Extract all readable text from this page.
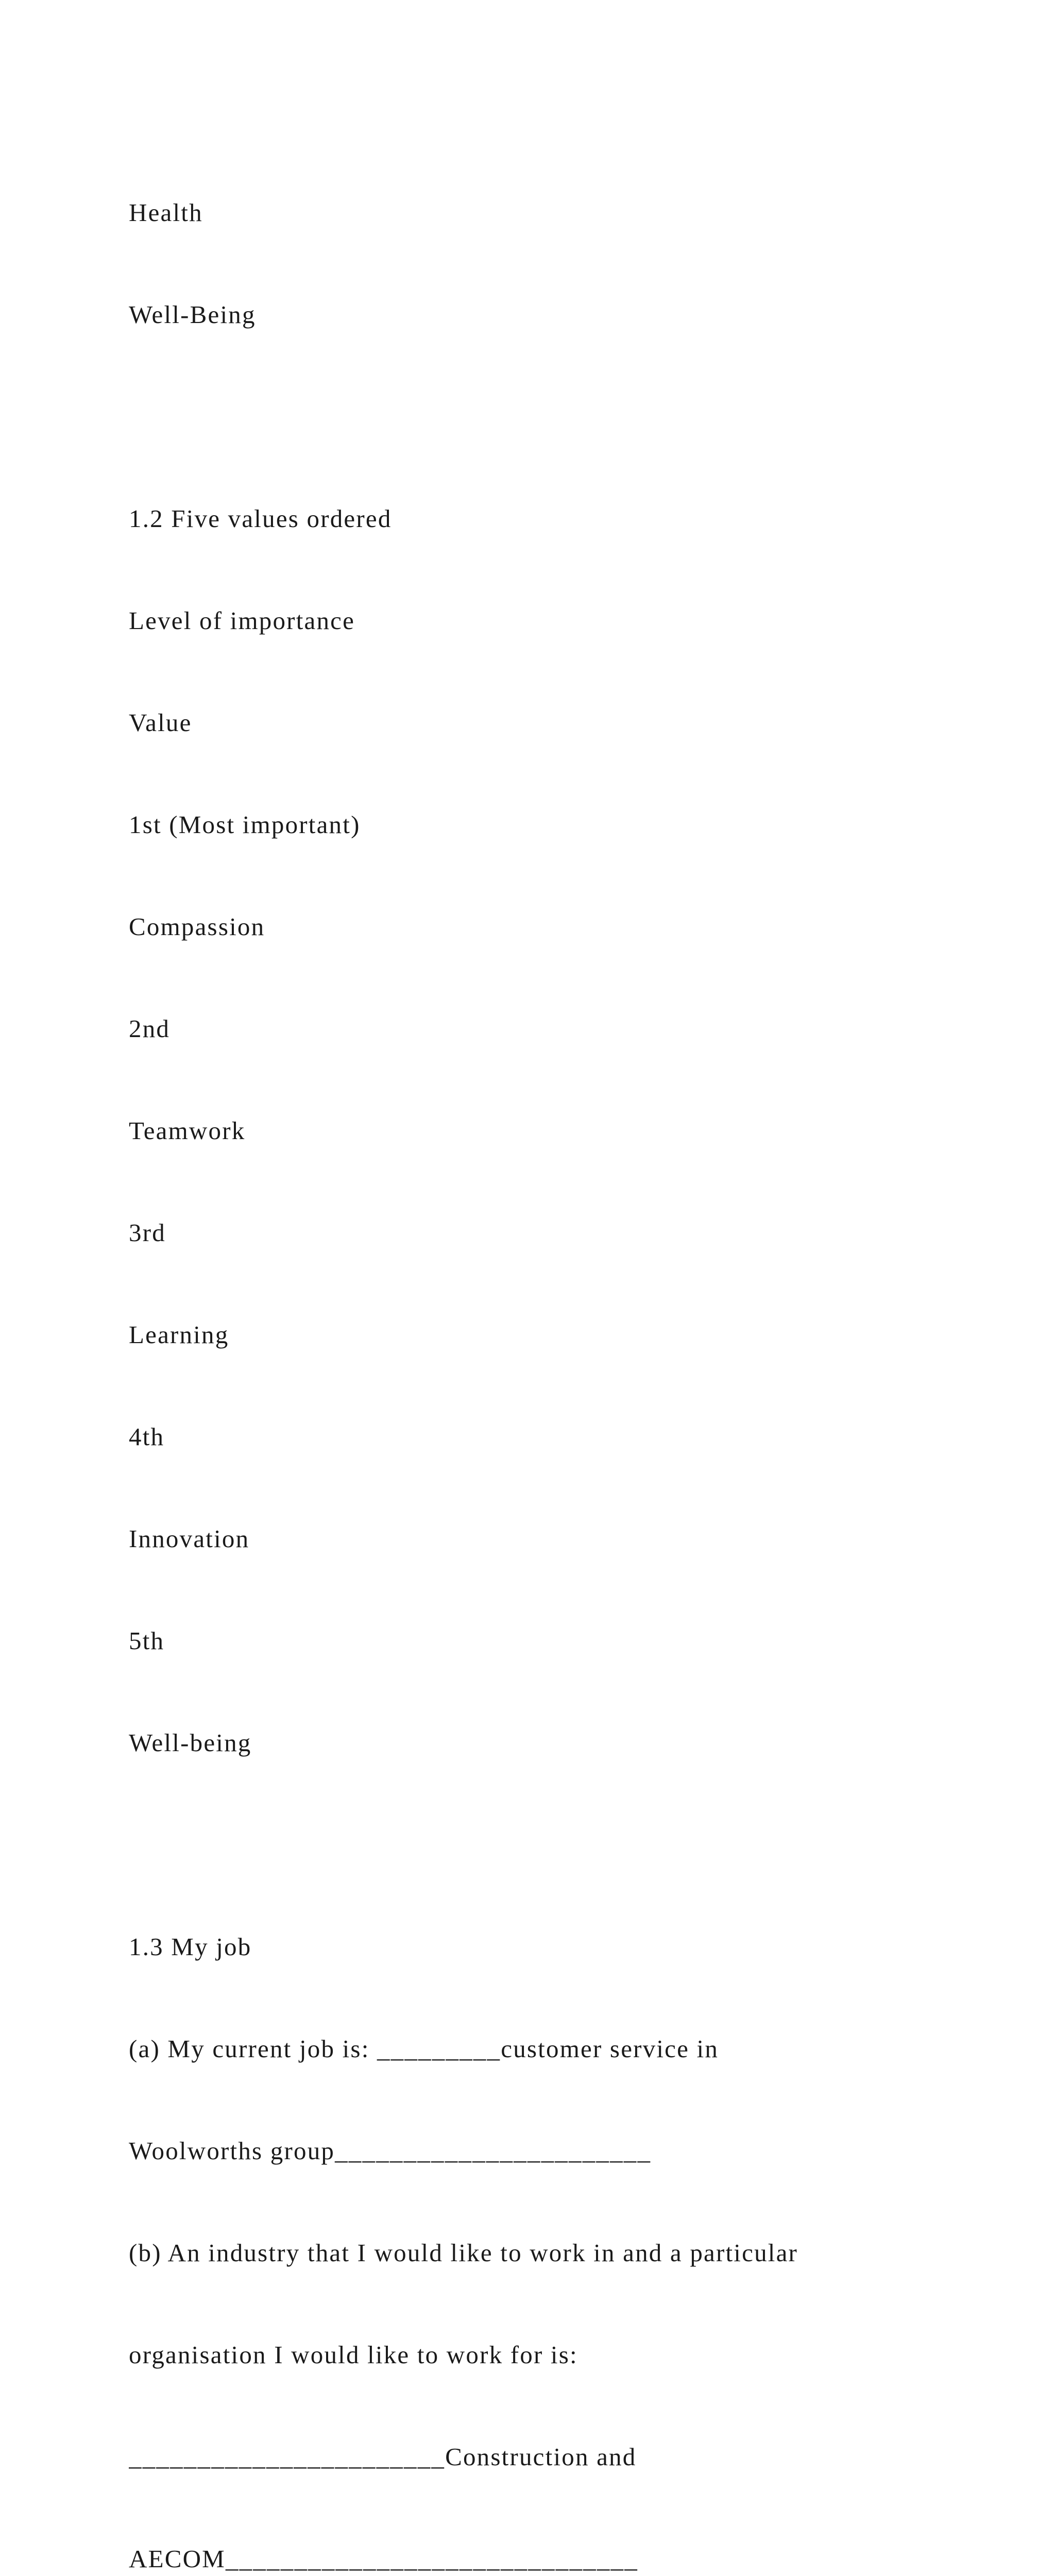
Health

Well-Being

1.2 Five values ordered

Level of importance

Value

1st (Most important)

Compassion

2nd

Teamwork

3rd

Learning

4th

Innovation

5th

Well-being

1.3 My job

(a) My current job is: _________customer service in

Woolworths group_______________________

(b) An industry that I would like to work in and a particular

organisation I would like to work for is:

_______________________Construction and

AECOM______________________________
